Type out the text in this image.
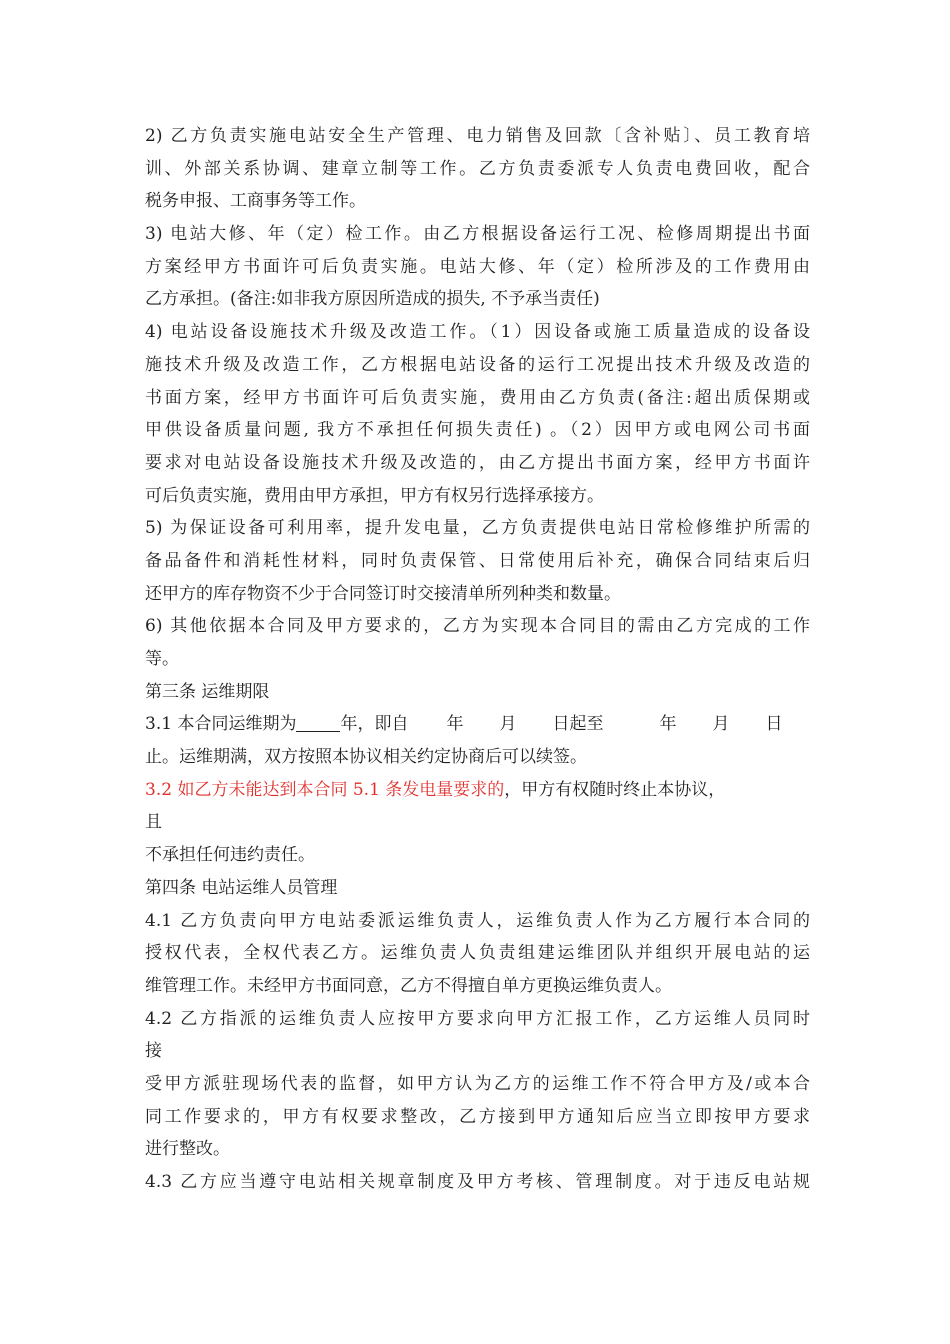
2) 乙方负责实施电站安全生产管理、电力销售及回款〔含补贴〕、员工教育培
训、外部关系协调、建章立制等工作。乙方负责委派专人负责电费回收，配合
税务申报、工商事务等工作。
3) 电站大修、年（定）检工作。由乙方根据设备运行工况、检修周期提出书面
方案经甲方书面许可后负责实施。电站大修、年（定）检所涉及的工作费用由
乙方承担。(备注:如非我方原因所造成的损失, 不予承当责任)
4) 电站设备设施技术升级及改造工作。（1）因设备或施工质量造成的设备设
施技术升级及改造工作，乙方根据电站设备的运行工况提出技术升级及改造的
书面方案，经甲方书面许可后负责实施，费用由乙方负责(备注:超出质保期或
甲供设备质量问题, 我方不承担任何损失责任) 。（2）因甲方或电网公司书面
要求对电站设备设施技术升级及改造的，由乙方提出书面方案，经甲方书面许
可后负责实施，费用由甲方承担，甲方有权另行选择承接方。
5) 为保证设备可利用率，提升发电量，乙方负责提供电站日常检修维护所需的
备品备件和消耗性材料，同时负责保管、日常使用后补充，确保合同结束后归
还甲方的库存物资不少于合同签订时交接清单所列种类和数量。
6) 其他依据本合同及甲方要求的，乙方为实现本合同目的需由乙方完成的工作
等。
第三条 运维期限
3.1 本合同运维期为	年，即自 年 月 日起至	年 月 日
止。运维期满，双方按照本协议相关约定协商后可以续签。
3.2 如乙方未能达到本合同 5.1 条发电量要求的，甲方有权随时终止本协议，
且
不承担任何违约责任。
第四条 电站运维人员管理
4.1 乙方负责向甲方电站委派运维负责人，运维负责人作为乙方履行本合同的
授权代表，全权代表乙方。运维负责人负责组建运维团队并组织开展电站的运
维管理工作。未经甲方书面同意，乙方不得擅自单方更换运维负责人。
4.2 乙方指派的运维负责人应按甲方要求向甲方汇报工作，乙方运维人员同时
接
受甲方派驻现场代表的监督，如甲方认为乙方的运维工作不符合甲方及/或本合
同工作要求的，甲方有权要求整改，乙方接到甲方通知后应当立即按甲方要求
进行整改。
4.3 乙方应当遵守电站相关规章制度及甲方考核、管理制度。对于违反电站规
